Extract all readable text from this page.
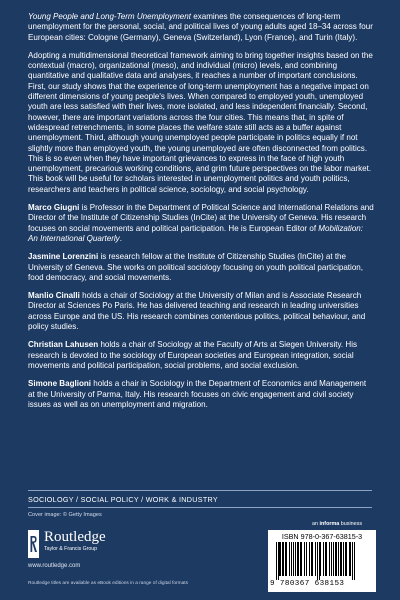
Young People and Long-Term Unemployment examines the consequences of long-term unemployment for the personal, social, and political lives of young adults aged 18–34 across four European cities: Cologne (Germany), Geneva (Switzerland), Lyon (France), and Turin (Italy).

Adopting a multidimensional theoretical framework aiming to bring together insights based on the contextual (macro), organizational (meso), and individual (micro) levels, and combining quantitative and qualitative data and analyses, it reaches a number of important conclusions. First, our study shows that the experience of long-term unemployment has a negative impact on different dimensions of young people's lives. When compared to employed youth, unemployed youth are less satisfied with their lives, more isolated, and less independent financially. Second, however, there are important variations across the four cities. This means that, in spite of widespread retrenchments, in some places the welfare state still acts as a buffer against unemployment. Third, although young unemployed people participate in politics equally if not slightly more than employed youth, the young unemployed are often disconnected from politics. This is so even when they have important grievances to express in the face of high youth unemployment, precarious working conditions, and grim future perspectives on the labor market. This book will be useful for scholars interested in unemployment politics and youth politics, researchers and teachers in political science, sociology, and social psychology.

Marco Giugni is Professor in the Department of Political Science and International Relations and Director of the Institute of Citizenship Studies (InCite) at the University of Geneva. His research focuses on social movements and political participation. He is European Editor of Mobilization: An International Quarterly.

Jasmine Lorenzini is research fellow at the Institute of Citizenship Studies (InCite) at the University of Geneva. She works on political sociology focusing on youth political participation, food democracy, and social movements.

Manlio Cinalli holds a chair of Sociology at the University of Milan and is Associate Research Director at Sciences Po Paris. He has delivered teaching and research in leading universities across Europe and the US. His research combines contentious politics, political behaviour, and policy studies.

Christian Lahusen holds a chair of Sociology at the Faculty of Arts at Siegen University. His research is devoted to the sociology of European societies and European integration, social movements and political participation, social problems, and social exclusion.

Simone Baglioni holds a chair in Sociology in the Department of Economics and Management at the University of Parma, Italy. His research focuses on civic engagement and civil society issues as well as on unemployment and migration.

SOCIOLOGY / SOCIAL POLICY / WORK & INDUSTRY
Cover image: © Getty Images
Routledge
Taylor & Francis Group
www.routledge.com
an informa business
ISBN 978-0-367-63815-3
9 780367 638153
Routledge titles are available as eBook editions in a range of digital formats
